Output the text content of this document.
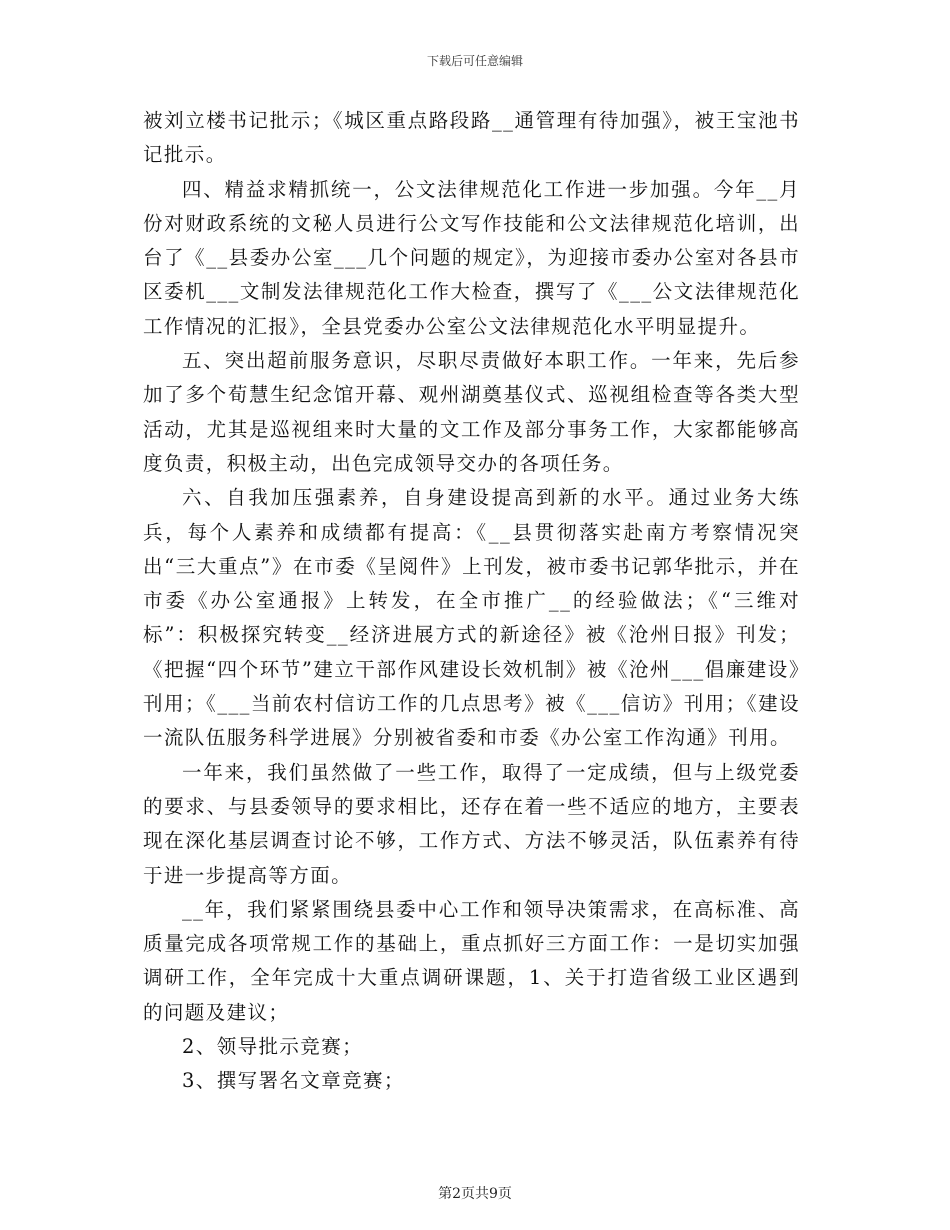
下载后可任意编辑

被刘立楼书记批示；《城区重点路段路__通管理有待加强》，被王宝池书记批示。

四、精益求精抓统一，公文法律规范化工作进一步加强。今年__月份对财政系统的文秘人员进行公文写作技能和公文法律规范化培训，出台了《__县委办公室___几个问题的规定》，为迎接市委办公室对各县市区委机___文制发法律规范化工作大检查，撰写了《___公文法律规范化工作情况的汇报》，全县党委办公室公文法律规范化水平明显提升。

五、突出超前服务意识，尽职尽责做好本职工作。一年来，先后参加了多个荀慧生纪念馆开幕、观州湖奠基仪式、巡视组检查等各类大型活动，尤其是巡视组来时大量的文工作及部分事务工作，大家都能够高度负责，积极主动，出色完成领导交办的各项任务。

六、自我加压强素养，自身建设提高到新的水平。通过业务大练兵，每个人素养和成绩都有提高：《__县贯彻落实赴南方考察情况突出“三大重点”》在市委《呈阅件》上刊发，被市委书记郭华批示，并在市委《办公室通报》上转发，在全市推广__的经验做法；《“三维对标”：积极探究转变__经济进展方式的新途径》被《沧州日报》刊发；《把握“四个环节”建立干部作风建设长效机制》被《沧州___倡廉建设》刊用；《___当前农村信访工作的几点思考》被《___信访》刊用；《建设一流队伍服务科学进展》分别被省委和市委《办公室工作沟通》刊用。

一年来，我们虽然做了一些工作，取得了一定成绩，但与上级党委的要求、与县委领导的要求相比，还存在着一些不适应的地方，主要表现在深化基层调查讨论不够，工作方式、方法不够灵活，队伍素养有待于进一步提高等方面。

__年，我们紧紧围绕县委中心工作和领导决策需求，在高标准、高质量完成各项常规工作的基础上，重点抓好三方面工作：一是切实加强调研工作，全年完成十大重点调研课题，1、关于打造省级工业区遇到的问题及建议；

2、领导批示竞赛；

3、撰写署名文章竞赛；

第2页共9页
